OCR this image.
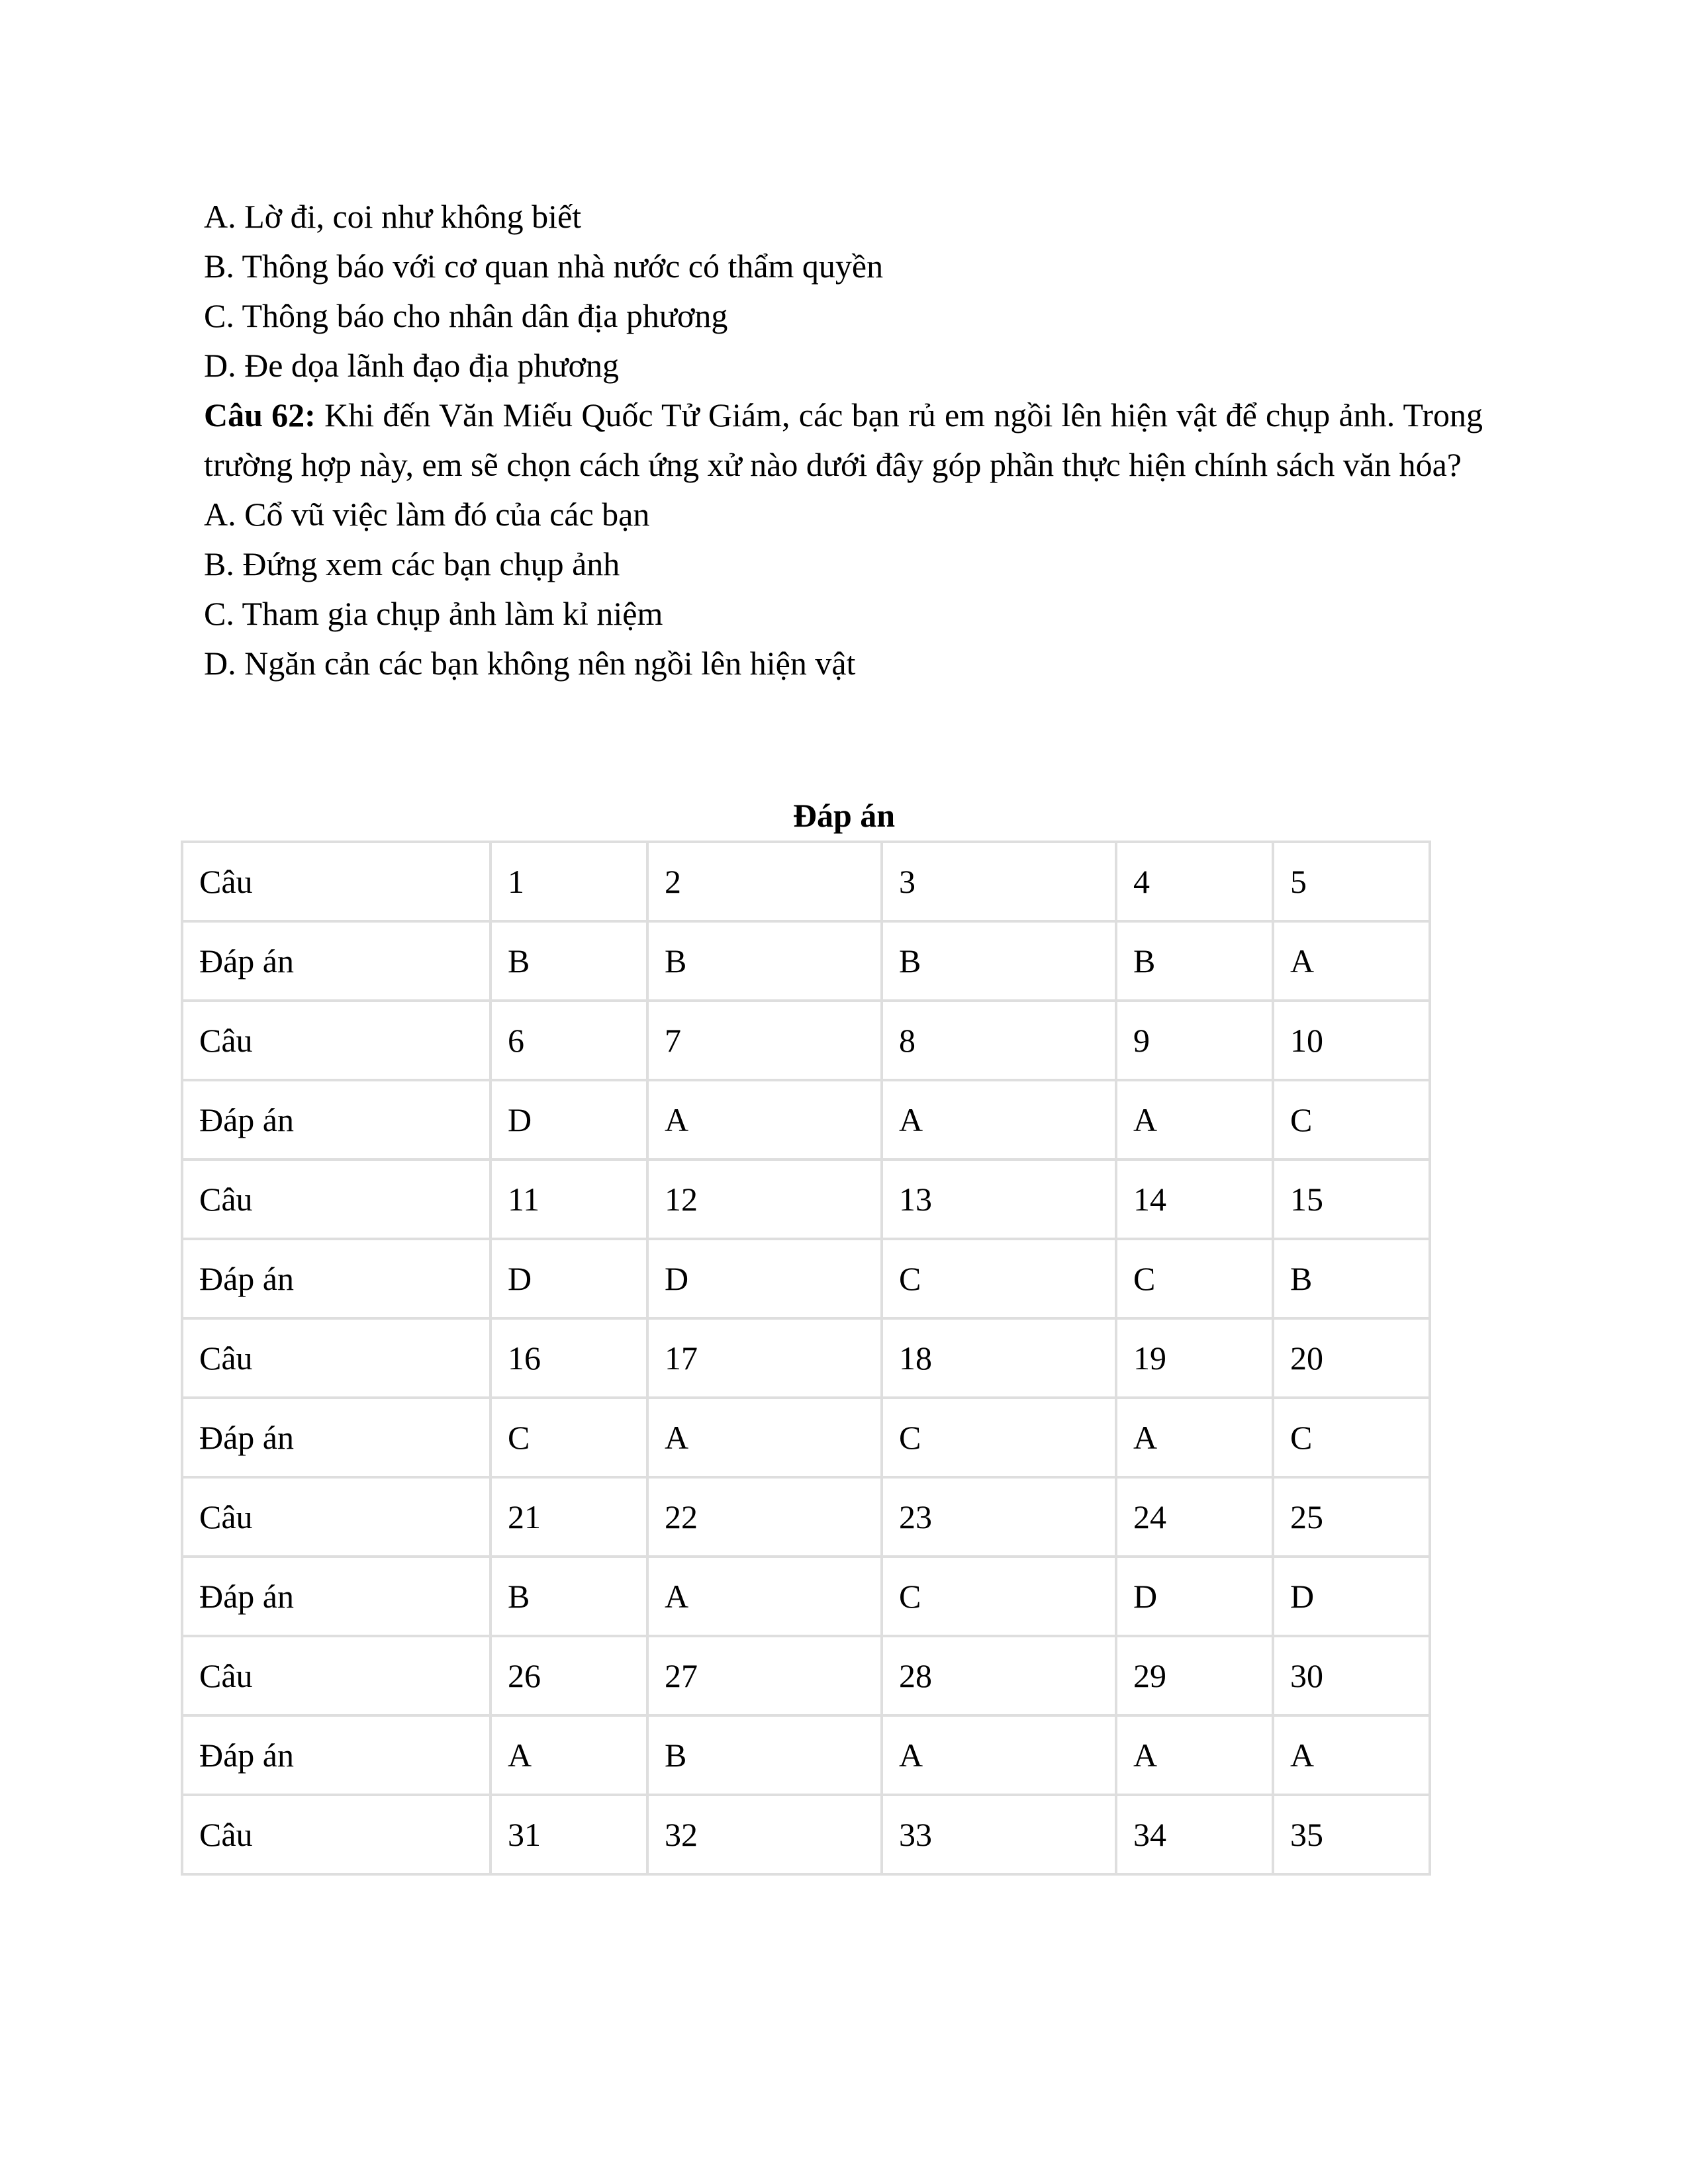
A. Lờ đi, coi như không biết
B. Thông báo với cơ quan nhà nước có thẩm quyền
C. Thông báo cho nhân dân địa phương
D. Đe dọa lãnh đạo địa phương
Câu 62: Khi đến Văn Miếu Quốc Tử Giám, các bạn rủ em ngồi lên hiện vật để chụp ảnh. Trong trường hợp này, em sẽ chọn cách ứng xử nào dưới đây góp phần thực hiện chính sách văn hóa?
A. Cổ vũ việc làm đó của các bạn
B. Đứng xem các bạn chụp ảnh
C. Tham gia chụp ảnh làm kỉ niệm
D. Ngăn cản các bạn không nên ngồi lên hiện vật
Đáp án
Câu	1	2	3	4	5
Đáp án	B	B	B	B	A
Câu	6	7	8	9	10
Đáp án	D	A	A	A	C
Câu	11	12	13	14	15
Đáp án	D	D	C	C	B
Câu	16	17	18	19	20
Đáp án	C	A	C	A	C
Câu	21	22	23	24	25
Đáp án	B	A	C	D	D
Câu	26	27	28	29	30
Đáp án	A	B	A	A	A
Câu	31	32	33	34	35
